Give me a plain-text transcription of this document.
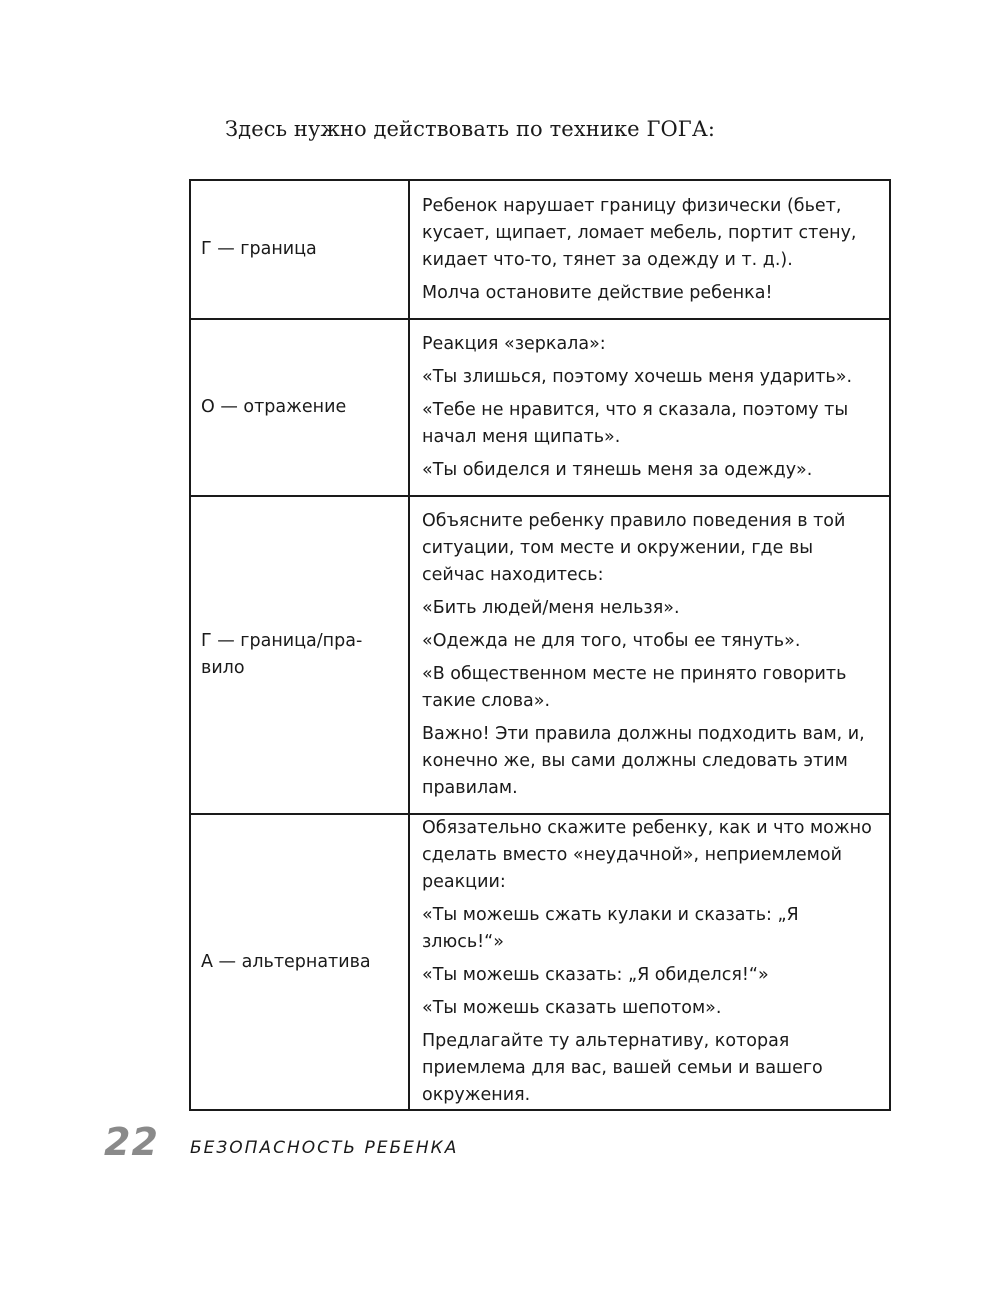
Здесь нужно действовать по технике ГОГА:
Г — граница	Ребенок нарушает границу физически (бьет, кусает, щипает, ломает мебель, портит стену, кидает что-то, тянет за одежду и т. д.).

Молча остановите действие ребенка!

О — отражение	Реакция «зеркала»:

«Ты злишься, поэтому хочешь меня ударить».

«Тебе не нравится, что я сказала, поэтому ты начал меня щипать».

«Ты обиделся и тянешь меня за одежду».

Г — граница/пра-вило	Объясните ребенку правило поведения в той ситуации, том месте и окружении, где вы сейчас находитесь:

«Бить людей/меня нельзя».

«Одежда не для того, чтобы ее тянуть».

«В общественном месте не принято говорить такие слова».

Важно! Эти правила должны подходить вам, и, конечно же, вы сами должны следовать этим правилам.

А — альтернатива	Обязательно скажите ребенку, как и что можно сделать вместо «неудачной», неприемлемой реакции:

«Ты можешь сжать кулаки и сказать: „Я злюсь!“»

«Ты можешь сказать: „Я обиделся!“»

«Ты можешь сказать шепотом».

Предлагайте ту альтернативу, которая приемлема для вас, вашей семьи и вашего окружения.

22 БЕЗОПАСНОСТЬ РЕБЕНКА
